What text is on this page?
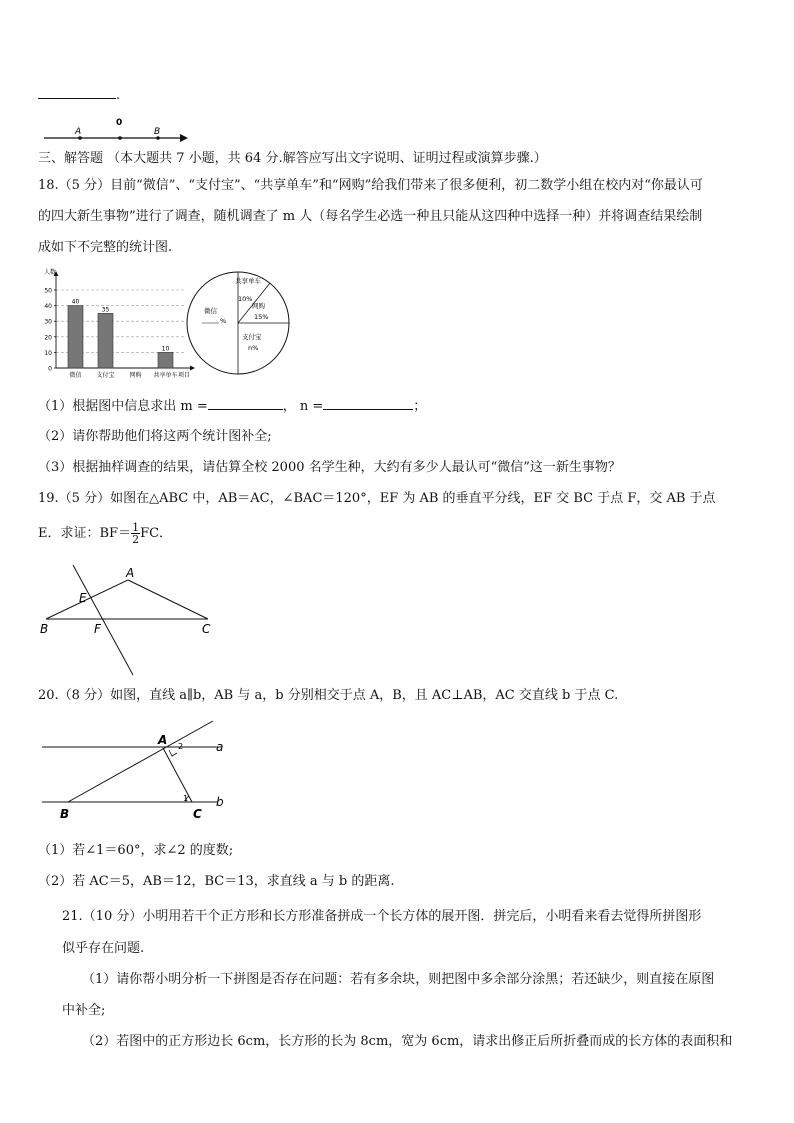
.
A
0
B
三、解答题 （本大题共 7 小题，共 64 分.解答应写出文字说明、证明过程或演算步骤.）
18.（5 分）目前“微信”、“支付宝”、“共享单车”和“网购”给我们带来了很多便利，初二数学小组在校内对“你最认可
的四大新生事物”进行了调查，随机调查了 m 人（每名学生必选一种且只能从这四种中选择一种）并将调查结果绘制
成如下不完整的统计图.
0
10
20
30
40
50
人数
项目
40
微信
35
支付宝 网购
10
共享单车
共享单车
10%
网购
15%
支付宝
n%
微信
%
（1）根据图中信息求出 m =	， n =	；
（2）请你帮助他们将这两个统计图补全;
（3）根据抽样调查的结果，请估算全校 2000 名学生种，大约有多少人最认可“微信”这一新生事物？
19.（5 分）如图在△ABC 中，AB＝AC，∠BAC＝120°，EF 为 AB 的垂直平分线，EF 交 BC 于点 F，交 AB 于点
E．求证：$BF= \frac{1}{2}$ FC．
A
E
B	F	C
20.（8 分）如图，直线 a∥b，AB 与 a，b 分别相交于点 A，B，且 AC⊥AB，AC 交直线 b 于点 C.
A 2	a
1 b
B	C
（1）若∠1＝60°，求∠2 的度数;
（2）若 AC＝5，AB＝12，BC＝13，求直线 a 与 b 的距离.
21.（10 分）小明用若干个正方形和长方形准备拼成一个长方体的展开图．拼完后，小明看来看去觉得所拼图形
似乎存在问题.
（1）请你帮小明分析一下拼图是否存在问题：若有多余块，则把图中多余部分涂黑；若还缺少，则直接在原图
中补全;
（2）若图中的正方形边长 6cm，长方形的长为 8cm，宽为 6cm，请求出修正后所折叠而成的长方体的表面积和
